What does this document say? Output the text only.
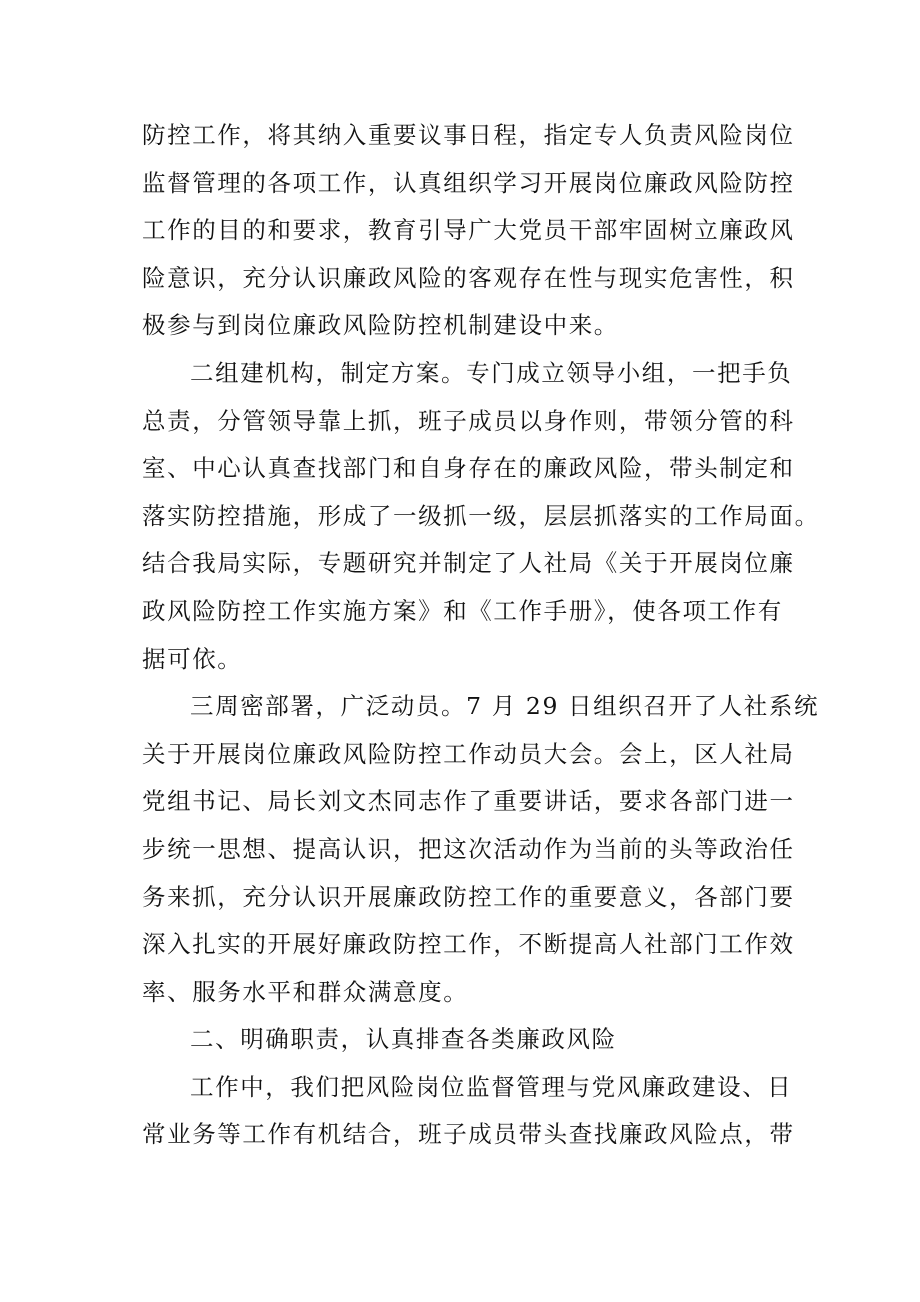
防控工作，将其纳入重要议事日程，指定专人负责风险岗位
监督管理的各项工作，认真组织学习开展岗位廉政风险防控
工作的目的和要求，教育引导广大党员干部牢固树立廉政风
险意识，充分认识廉政风险的客观存在性与现实危害性，积
极参与到岗位廉政风险防控机制建设中来。
二组建机构，制定方案。专门成立领导小组，一把手负
总责，分管领导靠上抓，班子成员以身作则，带领分管的科
室、中心认真查找部门和自身存在的廉政风险，带头制定和
落实防控措施，形成了一级抓一级，层层抓落实的工作局面。
结合我局实际，专题研究并制定了人社局《关于开展岗位廉
政风险防控工作实施方案》和《工作手册》，使各项工作有
据可依。
三周密部署，广泛动员。7 月 29 日组织召开了人社系统
关于开展岗位廉政风险防控工作动员大会。会上，区人社局
党组书记、局长刘文杰同志作了重要讲话，要求各部门进一
步统一思想、提高认识，把这次活动作为当前的头等政治任
务来抓，充分认识开展廉政防控工作的重要意义，各部门要
深入扎实的开展好廉政防控工作，不断提高人社部门工作效
率、服务水平和群众满意度。
二、明确职责，认真排查各类廉政风险
工作中，我们把风险岗位监督管理与党风廉政建设、日
常业务等工作有机结合，班子成员带头查找廉政风险点，带
